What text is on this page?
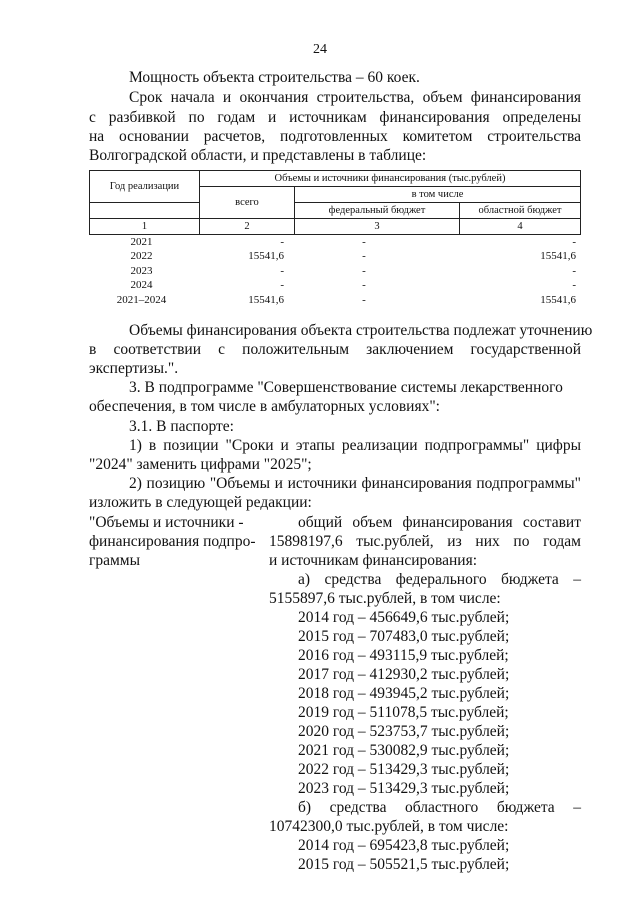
24
Мощность объекта строительства – 60 коек.
Срок начала и окончания строительства, объем финансирования
с разбивкой по годам и источникам финансирования определены
на основании расчетов, подготовленных комитетом строительства
Волгоградской области, и представлены в таблице:
Год реализации	Объемы и источники финансирования (тыс.рублей)		
	всего	в том числе	
		федеральный бюджет	областной бюджет
1	2	3	4
2021	-	-	-
2022	15541,6	-	15541,6
2023	-	-	-
2024	-	-	-
2021–2024	15541,6	-	15541,6
Объемы финансирования объекта строительства подлежат уточнению
в соответствии с положительным заключением государственной
экспертизы.".
3. В подпрограмме "Совершенствование системы лекарственного
обеспечения, в том числе в амбулаторных условиях":
3.1. В паспорте:
1) в позиции "Сроки и этапы реализации подпрограммы" цифры
"2024" заменить цифрами "2025";
2) позицию "Объемы и источники финансирования подпрограммы"
изложить в следующей редакции:
"Объемы и источники -
финансирования подпро-
граммы
общий объем финансирования составит
15898197,6 тыс.рублей, из них по годам
и источникам финансирования:
а) средства федерального бюджета –
5155897,6 тыс.рублей, в том числе:
2014 год – 456649,6 тыс.рублей;
2015 год – 707483,0 тыс.рублей;
2016 год – 493115,9 тыс.рублей;
2017 год – 412930,2 тыс.рублей;
2018 год – 493945,2 тыс.рублей;
2019 год – 511078,5 тыс.рублей;
2020 год – 523753,7 тыс.рублей;
2021 год – 530082,9 тыс.рублей;
2022 год – 513429,3 тыс.рублей;
2023 год – 513429,3 тыс.рублей;
б) средства областного бюджета –
10742300,0 тыс.рублей, в том числе:
2014 год – 695423,8 тыс.рублей;
2015 год – 505521,5 тыс.рублей;
